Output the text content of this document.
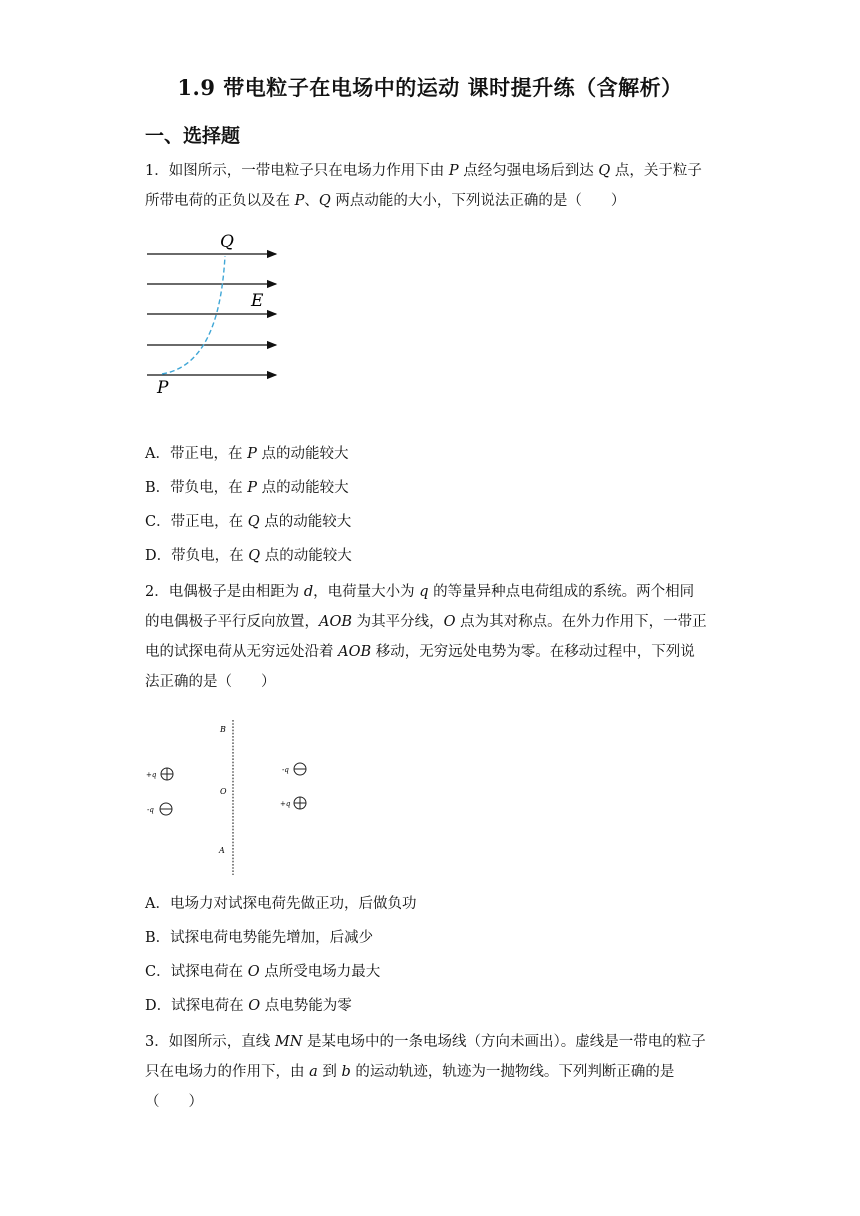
1.9 带电粒子在电场中的运动 课时提升练（含解析）
一、选择题
1．如图所示，一带电粒子只在电场力作用下由 P 点经匀强电场后到达 Q 点，关于粒子
所带电荷的正负以及在 P、Q 两点动能的大小，下列说法正确的是（　　）
Q
E
P
A．带正电，在 P 点的动能较大
B．带负电，在 P 点的动能较大
C．带正电，在 Q 点的动能较大
D．带负电，在 Q 点的动能较大
2．电偶极子是由相距为 d，电荷量大小为 q 的等量异种点电荷组成的系统。两个相同
的电偶极子平行反向放置，AOB 为其平分线，O 点为其对称点。在外力作用下，一带正
电的试探电荷从无穷远处沿着 AOB 移动，无穷远处电势为零。在移动过程中，下列说
法正确的是（　　）
B
O
A
+q
-q
-q
+q
A．电场力对试探电荷先做正功，后做负功
B．试探电荷电势能先增加，后减少
C．试探电荷在 O 点所受电场力最大
D．试探电荷在 O 点电势能为零
3．如图所示，直线 MN 是某电场中的一条电场线（方向未画出）。虚线是一带电的粒子
只在电场力的作用下，由 a 到 b 的运动轨迹，轨迹为一抛物线。下列判断正确的是（　　）
